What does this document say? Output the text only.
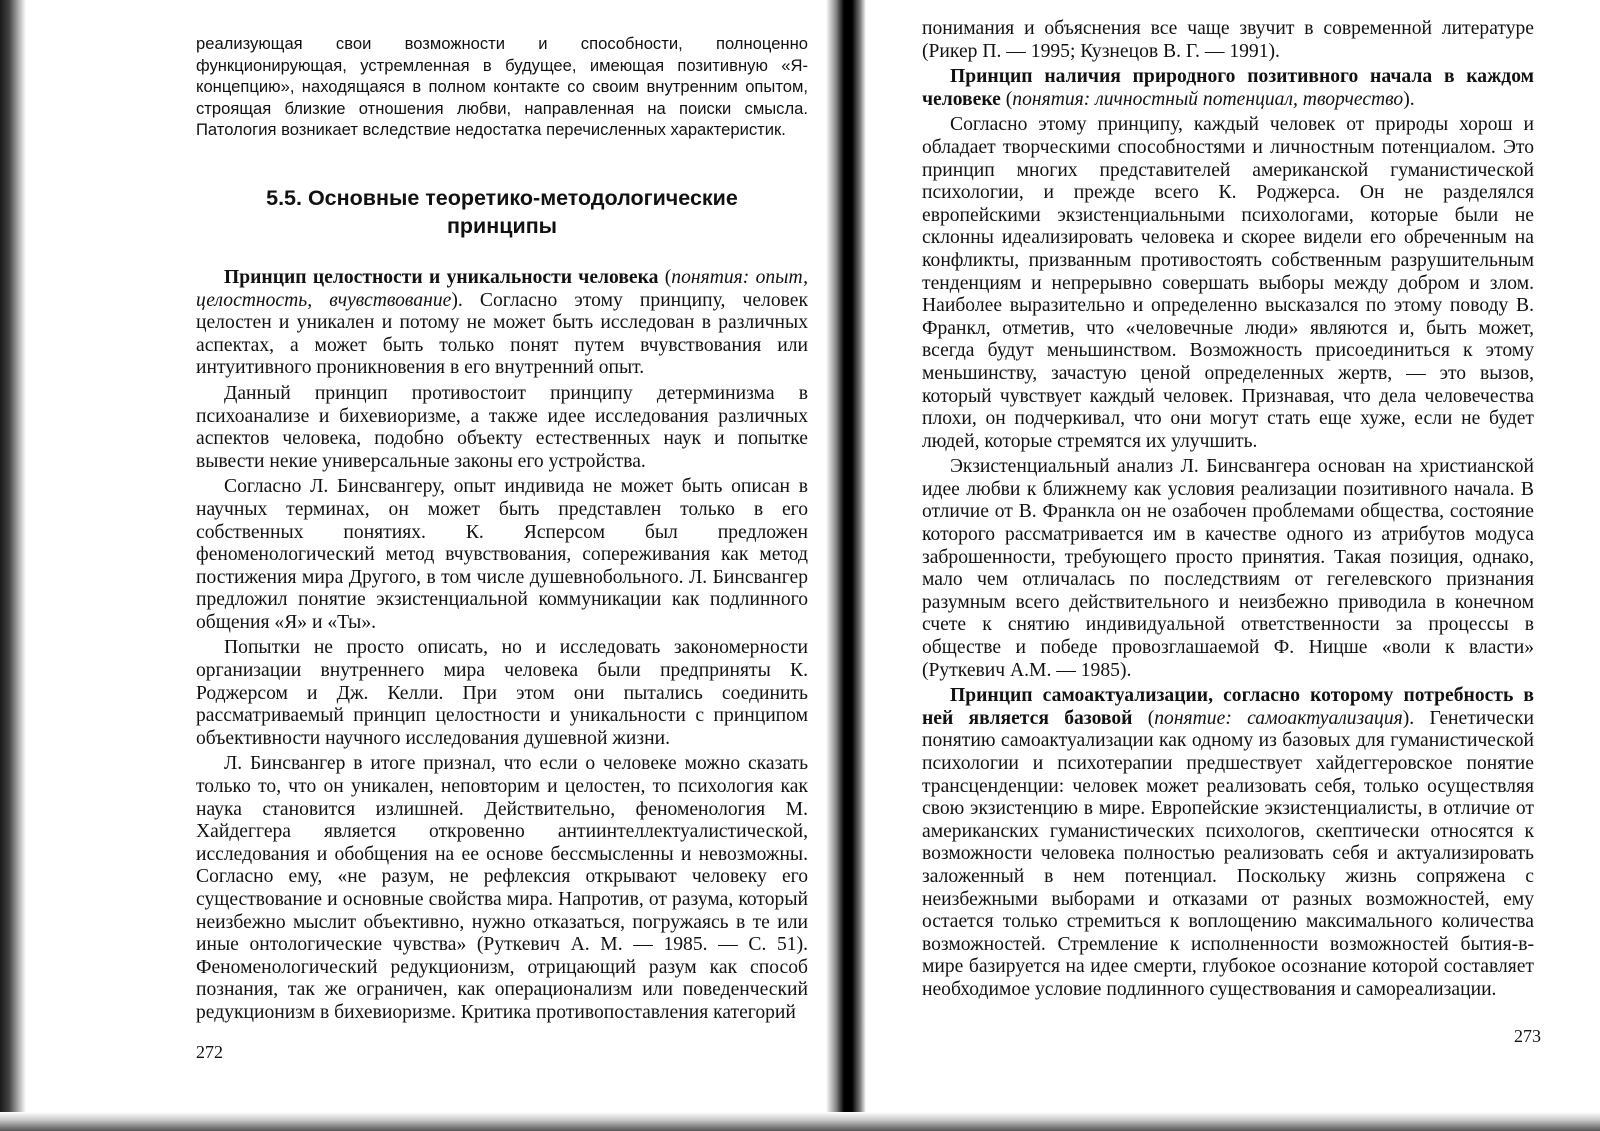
реализующая свои возможности и способности, полноценно функционирующая, устремленная в будущее, имеющая позитивную «Я-концепцию», находящаяся в полном контакте со своим внутренним опытом, строящая близкие отношения любви, направленная на поиски смысла. Патология возникает вследствие недостатка перечисленных характеристик.

5.5. Основные теоретико-методологические принципы

Принцип целостности и уникальности человека (понятия: опыт, целостность, вчувствование). Согласно этому принципу, человек целостен и уникален и потому не может быть исследован в различных аспектах, а может быть только понят путем вчувствования или интуитивного проникновения в его внутренний опыт.

Данный принцип противостоит принципу детерминизма в психоанализе и бихевиоризме, а также идее исследования различных аспектов человека, подобно объекту естественных наук и попытке вывести некие универсальные законы его устройства.

Согласно Л. Бинсвангеру, опыт индивида не может быть описан в научных терминах, он может быть представлен только в его собственных понятиях. К. Ясперсом был предложен феноменологический метод вчувствования, сопереживания как метод постижения мира Другого, в том числе душевнобольного. Л. Бинсвангер предложил понятие экзистенциальной коммуникации как подлинного общения «Я» и «Ты».

Попытки не просто описать, но и исследовать закономерности организации внутреннего мира человека были предприняты К. Роджерсом и Дж. Келли. При этом они пытались соединить рассматриваемый принцип целостности и уникальности с принципом объективности научного исследования душевной жизни.

Л. Бинсвангер в итоге признал, что если о человеке можно сказать только то, что он уникален, неповторим и целостен, то психология как наука становится излишней. Действительно, феноменология М. Хайдеггера является откровенно антиинтеллектуалистической, исследования и обобщения на ее основе бессмысленны и невозможны. Согласно ему, «не разум, не рефлексия открывают человеку его существование и основные свойства мира. Напротив, от разума, который неизбежно мыслит объективно, нужно отказаться, погружаясь в те или иные онтологические чувства» (Руткевич А. М. — 1985. — С. 51). Феноменологический редукционизм, отрицающий разум как способ познания, так же ограничен, как операционализм или поведенческий редукционизм в бихевиоризме. Критика противопоставления категорий

272

понимания и объяснения все чаще звучит в современной литературе (Рикер П. — 1995; Кузнецов В. Г. — 1991).

Принцип наличия природного позитивного начала в каждом человеке (понятия: личностный потенциал, творчество).

Согласно этому принципу, каждый человек от природы хорош и обладает творческими способностями и личностным потенциалом. Это принцип многих представителей американской гуманистической психологии, и прежде всего К. Роджерса. Он не разделялся европейскими экзистенциальными психологами, которые были не склонны идеализировать человека и скорее видели его обреченным на конфликты, призванным противостоять собственным разрушительным тенденциям и непрерывно совершать выборы между добром и злом. Наиболее выразительно и определенно высказался по этому поводу В. Франкл, отметив, что «человечные люди» являются и, быть может, всегда будут меньшинством. Возможность присоединиться к этому меньшинству, зачастую ценой определенных жертв, — это вызов, который чувствует каждый человек. Признавая, что дела человечества плохи, он подчеркивал, что они могут стать еще хуже, если не будет людей, которые стремятся их улучшить.

Экзистенциальный анализ Л. Бинсвангера основан на христианской идее любви к ближнему как условия реализации позитивного начала. В отличие от В. Франкла он не озабочен проблемами общества, состояние которого рассматривается им в качестве одного из атрибутов модуса заброшенности, требующего просто принятия. Такая позиция, однако, мало чем отличалась по последствиям от гегелевского признания разумным всего действительного и неизбежно приводила в конечном счете к снятию индивидуальной ответственности за процессы в обществе и победе провозглашаемой Ф. Ницше «воли к власти» (Руткевич А.М. — 1985).

Принцип самоактуализации, согласно которому потребность в ней является базовой (понятие: самоактуализация). Генетически понятию самоактуализации как одному из базовых для гуманистической психологии и психотерапии предшествует хайдеггеровское понятие трансценденции: человек может реализовать себя, только осуществляя свою экзистенцию в мире. Европейские экзистенциалисты, в отличие от американских гуманистических психологов, скептически относятся к возможности человека полностью реализовать себя и актуализировать заложенный в нем потенциал. Поскольку жизнь сопряжена с неизбежными выборами и отказами от разных возможностей, ему остается только стремиться к воплощению максимального количества возможностей. Стремление к исполненности возможностей бытия-в-мире базируется на идее смерти, глубокое осознание которой составляет необходимое условие подлинного существования и самореализации.

273
